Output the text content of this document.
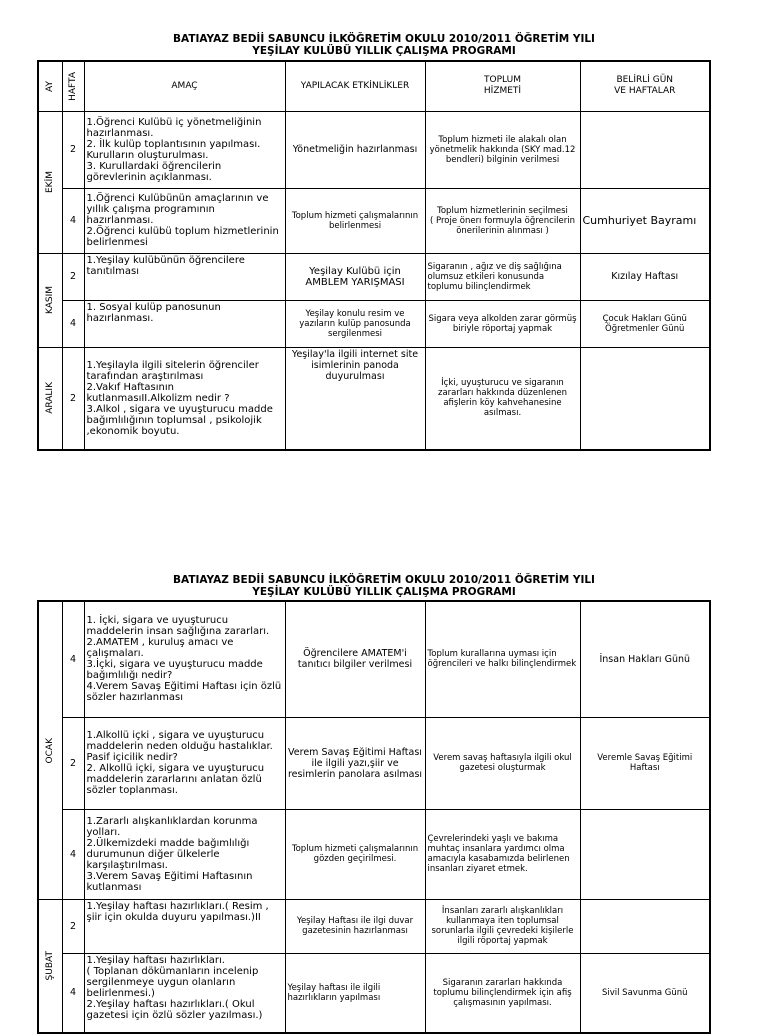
BATIAYAZ BEDİİ SABUNCU İLKÖĞRETİM OKULU 2010/2011 ÖĞRETİM YILI
YEŞİLAY KULÜBÜ YILLIK ÇALIŞMA PROGRAMI
AY	HAFTA	AMAÇ	YAPILACAK ETKİNLİKLER	TOPLUM
HİZMETİ	BELİRLİ GÜN
VE HAFTALAR

EKİM	2	1.Öğrenci Kulübü iç yönetmeliğinin hazırlanması.
2. İlk kulüp toplantısının yapılması. Kurulların oluşturulması.
3. Kurullardaki öğrencilerin görevlerinin açıklanması.	Yönetmeliğin hazırlanması	Toplum hizmeti ile alakalı olan yönetmelik hakkında (SKY mad.12 bendleri) bilginin verilmesi	
	4	1.Öğrenci Kulübünün amaçlarının ve yıllık çalışma programının hazırlanması.
2.Öğrenci kulübü toplum hizmetlerinin belirlenmesi	Toplum hizmeti çalışmalarının belirlenmesi	Toplum hizmetlerinin seçilmesi
( Proje önerı formuyla öğrencilerin önerilerinin alınması )	Cumhuriyet Bayramı

KASIM	2	1.Yeşilay kulübünün öğrencilere tanıtılması	Yeşilay Kulübü için AMBLEM YARIŞMASI	Sigaranın , ağız ve diş sağlığına olumsuz etkileri konusunda toplumu bilinçlendirmek	Kızılay Haftası
	4	1. Sosyal kulüp panosunun hazırlanması.	Yeşilay konulu resim ve yazıların kulüp panosunda sergilenmesi	Sigara veya alkolden zarar görmüş biriyle röportaj yapmak	Çocuk Hakları Günü
Öğretmenler Günü

ARALIK	2	1.Yeşilayla ilgili sitelerin öğrenciler tarafından araştırılması
2.Vakıf Haftasının kutlanmasıII.Alkolizm nedir ?
3.Alkol , sigara ve uyuşturucu madde bağımlılığının toplumsal , psikolojik ,ekonomik boyutu.	Yeşilay'la ilgili internet site isimlerinin panoda duyurulması	İçki, uyuşturucu ve sigaranın zararları hakkında düzenlenen afişlerin köy kahvehanesine asılması.	
BATIAYAZ BEDİİ SABUNCU İLKÖĞRETİM OKULU 2010/2011 ÖĞRETİM YILI
YEŞİLAY KULÜBÜ YILLIK ÇALIŞMA PROGRAMI
OCAK	4	1. İçki, sigara ve uyuşturucu maddelerin insan sağlığına zararları.
2.AMATEM , kuruluş amacı ve çalışmaları.
3.İçki, sigara ve uyuşturucu madde bağımlılığı nedir?
4.Verem Savaş Eğitimi Haftası için özlü sözler hazırlanması	Öğrencilere AMATEM'i tanıtıcı bilgiler verilmesi	Toplum kurallarına uyması için öğrencileri ve halkı bilinçlendirmek	İnsan Hakları Günü
	2	1.Alkollü içki , sigara ve uyuşturucu maddelerin neden olduğu hastalıklar. Pasif içicilik nedir?
2. Alkollü içki, sigara ve uyuşturucu maddelerin zararlarını anlatan özlü sözler toplanması.	Verem Savaş Eğitimi Haftası ile ilgili yazı,şiir ve resimlerin panolara asılması	Verem savaş haftasıyla ilgili okul gazetesi oluşturmak	Veremle Savaş Eğitimi Haftası
	4	1.Zararlı alışkanlıklardan korunma yolları.
2.Ülkemizdeki madde bağımlılığı durumunun diğer ülkelerle karşılaştırılması.
3.Verem Savaş Eğitimi Haftasının kutlanması	Toplum hizmeti çalışmalarının gözden geçirilmesi.	Çevrelerindeki yaşlı ve bakıma muhtaç insanlara yardımcı olma amacıyla kasabamızda belirlenen insanları ziyaret etmek.	

ŞUBAT	2	1.Yeşilay haftası hazırlıkları.( Resim , şiir için okulda duyuru yapılması.)II	Yeşilay Haftası ile ilgi duvar gazetesinin hazırlanması	İnsanları zararlı alışkanlıkları kullanmaya iten toplumsal sorunlarla ilgili çevredeki kişilerle ilgili röportaj yapmak	
	4	1.Yeşilay haftası hazırlıkları.
( Toplanan dökümanların incelenip sergilenmeye uygun olanların belirlenmesi.)
2.Yeşilay haftası hazırlıkları.( Okul gazetesi için özlü sözler yazılması.)	Yeşilay haftası ile ilgili hazırlıkların yapılması	Sigaranın zararları hakkında toplumu bilinçlendirmek için afiş çalışmasının yapılması.	Sivil Savunma Günü
